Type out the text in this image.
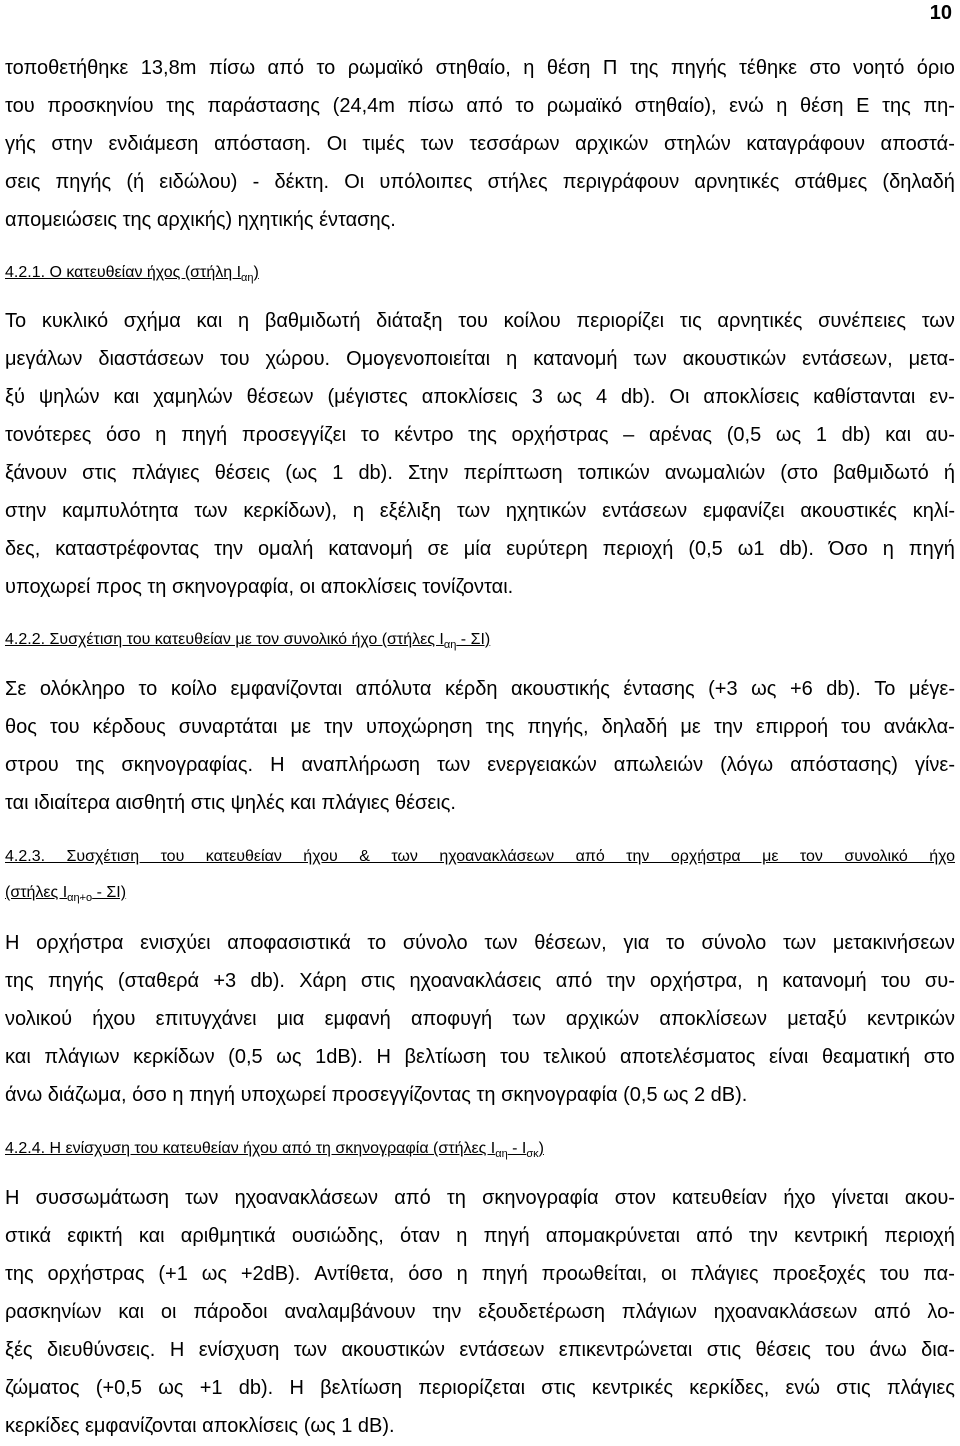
10
τοποθετήθηκε 13,8m πίσω από το ρωμαϊκό στηθαίο, η θέση Π της πηγής τέθηκε στο νοητό όριο
του προσκηνίου της παράστασης (24,4m πίσω από το ρωμαϊκό στηθαίο), ενώ η θέση Ε της πη-
γής στην ενδιάμεση απόσταση. Οι τιμές των τεσσάρων αρχικών στηλών καταγράφουν αποστά-
σεις πηγής (ή ειδώλου) - δέκτη. Οι υπόλοιπες στήλες περιγράφουν αρνητικές στάθμες (δηλαδή
απομειώσεις της αρχικής) ηχητικής έντασης.
4.2.1. Ο κατευθείαν ήχος (στήλη $I_{\alpha\eta}$)
Το κυκλικό σχήμα και η βαθμιδωτή διάταξη του κοίλου περιορίζει τις αρνητικές συνέπειες των
μεγάλων διαστάσεων του χώρου. Ομογενοποιείται η κατανομή των ακουστικών εντάσεων, μετα-
ξύ ψηλών και χαμηλών θέσεων (μέγιστες αποκλίσεις 3 ως 4 db). Οι αποκλίσεις καθίστανται εν-
τονότερες όσο η πηγή προσεγγίζει το κέντρο της ορχήστρας – αρένας (0,5 ως 1 db) και αυ-
ξάνουν στις πλάγιες θέσεις (ως 1 db). Στην περίπτωση τοπικών ανωμαλιών (στο βαθμιδωτό ή
στην καμπυλότητα των κερκίδων), η εξέλιξη των ηχητικών εντάσεων εμφανίζει ακουστικές κηλί-
δες, καταστρέφοντας την ομαλή κατανομή σε μία ευρύτερη περιοχή (0,5 ω1 db). Όσο η πηγή
υποχωρεί προς τη σκηνογραφία, οι αποκλίσεις τονίζονται.
4.2.2. Συσχέτιση του κατευθείαν με τον συνολικό ήχο (στήλες $I_{\alpha\eta} - \Sigma I$)
Σε ολόκληρο το κοίλο εμφανίζονται απόλυτα κέρδη ακουστικής έντασης (+3 ως +6 db). Το μέγε-
θος του κέρδους συναρτάται με την υποχώρηση της πηγής, δηλαδή με την επιρροή του ανάκλα-
στρου της σκηνογραφίας. Η αναπλήρωση των ενεργειακών απωλειών (λόγω απόστασης) γίνε-
ται ιδιαίτερα αισθητή στις ψηλές και πλάγιες θέσεις.
4.2.3. Συσχέτιση του κατευθείαν ήχου & των ηχοανακλάσεων από την ορχήστρα με τον συνολικό ήχο
(στήλες $I_{\alpha\eta+o} - \Sigma I$)
Η ορχήστρα ενισχύει αποφασιστικά το σύνολο των θέσεων, για το σύνολο των μετακινήσεων
της πηγής (σταθερά +3 db). Χάρη στις ηχοανακλάσεις από την ορχήστρα, η κατανομή του συ-
νολικού ήχου επιτυγχάνει μια εμφανή αποφυγή των αρχικών αποκλίσεων μεταξύ κεντρικών
και πλάγιων κερκίδων (0,5 ως 1dB). Η βελτίωση του τελικού αποτελέσματος είναι θεαματική στο
άνω διάζωμα, όσο η πηγή υποχωρεί προσεγγίζοντας τη σκηνογραφία (0,5 ως 2 dB).
4.2.4. Η ενίσχυση του κατευθείαν ήχου από τη σκηνογραφία (στήλες $I_{\alpha\eta} - I_{\sigma\kappa}$)
Η συσσωμάτωση των ηχοανακλάσεων από τη σκηνογραφία στον κατευθείαν ήχο γίνεται ακου-
στικά εφικτή και αριθμητικά ουσιώδης, όταν η πηγή απομακρύνεται από την κεντρική περιοχή
της ορχήστρας (+1 ως +2dB). Αντίθετα, όσο η πηγή προωθείται, οι πλάγιες προεξοχές του πα-
ρασκηνίων και οι πάροδοι αναλαμβάνουν την εξουδετέρωση πλάγιων ηχοανακλάσεων από λο-
ξές διευθύνσεις. Η ενίσχυση των ακουστικών εντάσεων επικεντρώνεται στις θέσεις του άνω δια-
ζώματος (+0,5 ως +1 db). Η βελτίωση περιορίζεται στις κεντρικές κερκίδες, ενώ στις πλάγιες
κερκίδες εμφανίζονται αποκλίσεις (ως 1 dB).
